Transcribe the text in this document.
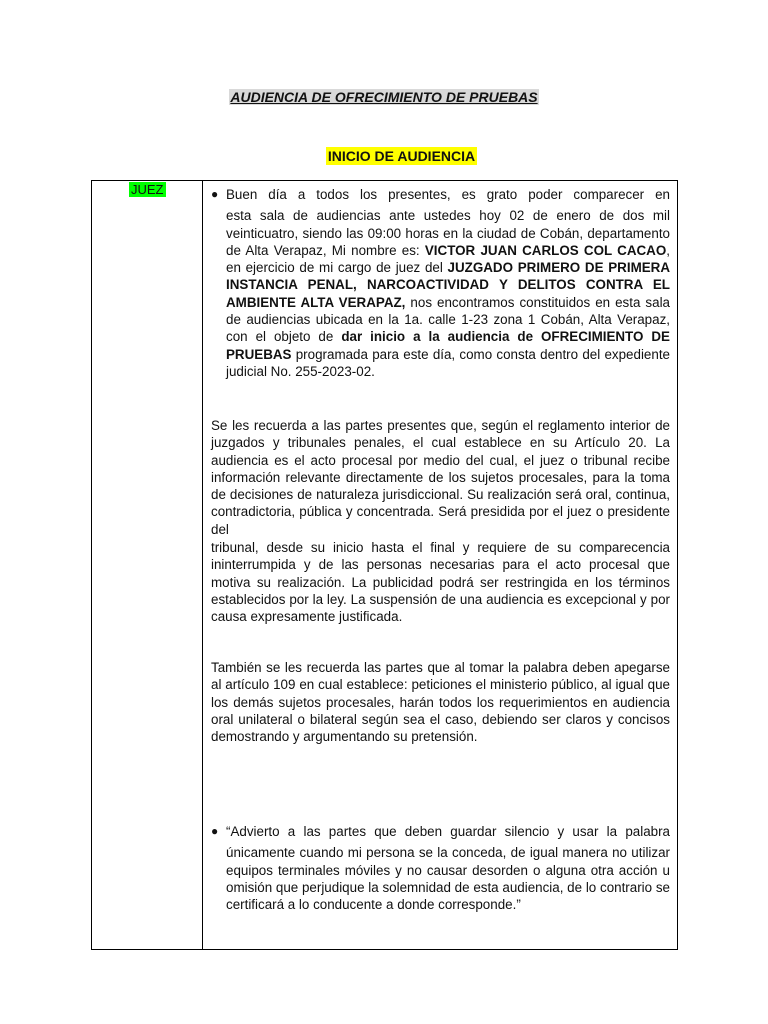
AUDIENCIA DE OFRECIMIENTO DE PRUEBAS
INICIO DE AUDIENCIA
JUEZ	● Buen día a todos los presentes, es grato poder comparecer en
esta sala de audiencias ante ustedes hoy 02 de enero de dos mil veinticuatro, siendo las 09:00 horas en la ciudad de Cobán, departamento de Alta Verapaz, Mi nombre es: VICTOR JUAN CARLOS COL CACAO, en ejercicio de mi cargo de juez del JUZGADO PRIMERO DE PRIMERA INSTANCIA PENAL, NARCOACTIVIDAD Y DELITOS CONTRA EL AMBIENTE ALTA VERAPAZ, nos encontramos constituidos en esta sala de audiencias ubicada en la 1a. calle 1-23 zona 1 Cobán, Alta Verapaz, con el objeto de dar inicio a la audiencia de OFRECIMIENTO DE PRUEBAS programada para este día, como consta dentro del expediente judicial No. 255-2023-02.
Se les recuerda a las partes presentes que, según el reglamento interior de juzgados y tribunales penales, el cual establece en su Artículo 20. La audiencia es el acto procesal por medio del cual, el juez o tribunal recibe información relevante directamente de los sujetos procesales, para la toma de decisiones de naturaleza jurisdiccional. Su realización será oral, continua, contradictoria, pública y concentrada. Será presidida por el juez o presidente del
tribunal, desde su inicio hasta el final y requiere de su comparecencia ininterrumpida y de las personas necesarias para el acto procesal que motiva su realización. La publicidad podrá ser restringida en los términos establecidos por la ley. La suspensión de una audiencia es excepcional y por causa expresamente justificada.
También se les recuerda las partes que al tomar la palabra deben apegarse al artículo 109 en cual establece: peticiones el ministerio público, al igual que los demás sujetos procesales, harán todos los requerimientos en audiencia oral unilateral o bilateral según sea el caso, debiendo ser claros y concisos demostrando y argumentando su pretensión.
● “Advierto a las partes que deben guardar silencio y usar la palabra
únicamente cuando mi persona se la conceda, de igual manera no utilizar equipos terminales móviles y no causar desorden o alguna otra acción u omisión que perjudique la solemnidad de esta audiencia, de lo contrario se certificará a lo conducente a donde corresponde.”
